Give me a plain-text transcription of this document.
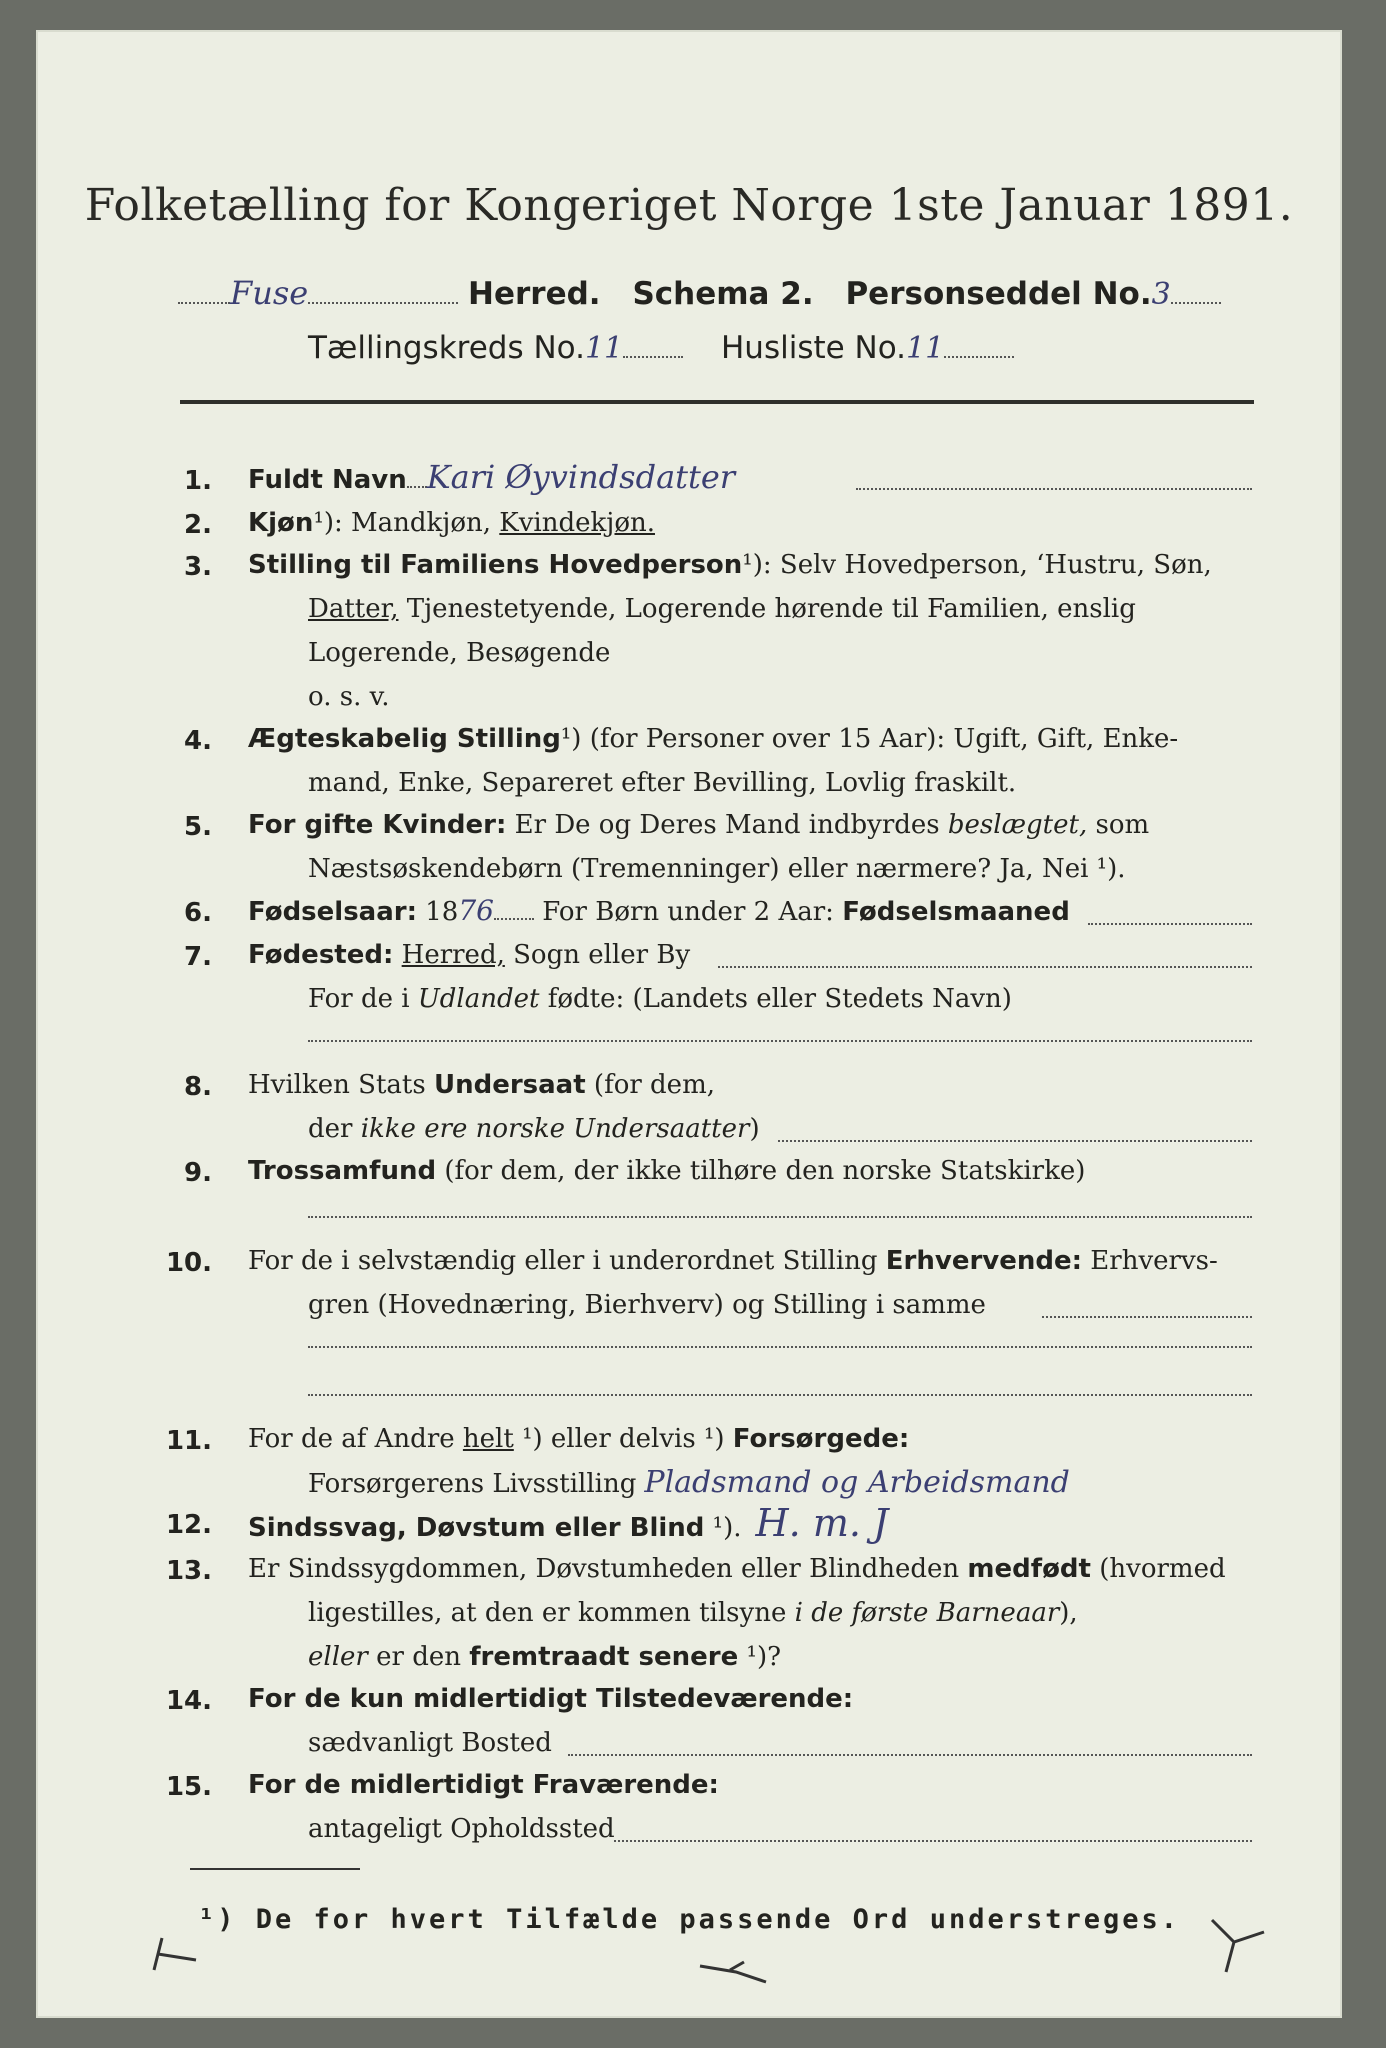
Folketælling for Kongeriget Norge 1ste Januar 1891.
Fuse	Herred. Schema 2. Personseddel No.3
Tællingskreds No.11	Husliste No.11
1. Fuldt Navn Kari Øyvindsdatter
2. Kjøn¹): Mandkjøn, Kvindekjøn.
3. Stilling til Familiens Hovedperson¹): Selv Hovedperson, ʻHustru, Søn,
Datter, Tjenestetyende, Logerende hørende til Familien, enslig
Logerende, Besøgende
o. s. v.
4. Ægteskabelig Stilling¹) (for Personer over 15 Aar): Ugift, Gift, Enke-
mand, Enke, Separeret efter Bevilling, Lovlig fraskilt.
5. For gifte Kvinder: Er De og Deres Mand indbyrdes beslægtet, som
Næstsøskendebørn (Tremenninger) eller nærmere? Ja, Nei ¹).
6. Fødselsaar: 1876 For Børn under 2 Aar: Fødselsmaaned
7. Fødested: Herred, Sogn eller By
For de i Udlandet fødte: (Landets eller Stedets Navn)
8. Hvilken Stats Undersaat (for dem,
der ikke ere norske Undersaatter)
9. Trossamfund (for dem, der ikke tilhøre den norske Statskirke)
10. For de i selvstændig eller i underordnet Stilling Erhvervende: Erhvervs-
gren (Hovednæring, Bierhverv) og Stilling i samme
11. For de af Andre helt ¹) eller delvis ¹) Forsørgede:
Forsørgerens Livsstilling Pladsmand og Arbeidsmand
12. Sindssvag, Døvstum eller Blind ¹). H. m. J
13. Er Sindssygdommen, Døvstumheden eller Blindheden medfødt (hvormed
ligestilles, at den er kommen tilsyne i de første Barneaar),
eller er den fremtraadt senere ¹)?
14. For de kun midlertidigt Tilstedeværende:
sædvanligt Bosted
15. For de midlertidigt Fraværende:
antageligt Opholdssted
¹) De for hvert Tilfælde passende Ord understreges.
